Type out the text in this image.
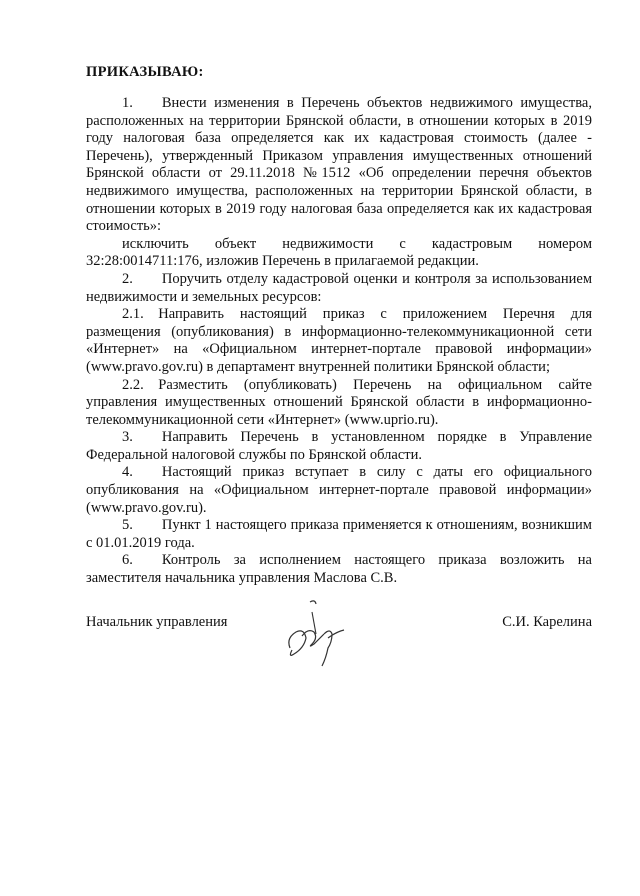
ПРИКАЗЫВАЮ:

1.  Внести изменения в Перечень объектов недвижимого имущества, расположенных на территории Брянской области, в отношении которых в 2019 году налоговая база определяется как их кадастровая стоимость (далее - Перечень), утвержденный Приказом управления имущественных отношений Брянской области от 29.11.2018 №1512 «Об определении перечня объектов недвижимого имущества, расположенных на территории Брянской области, в отношении которых в 2019 году налоговая база определяется как их кадастровая стоимость»:

исключить объект недвижимости с кадастровым номером 32:28:0014711:176, изложив Перечень в прилагаемой редакции.

2.  Поручить отделу кадастровой оценки и контроля за использованием недвижимости и земельных ресурсов:

2.1. Направить настоящий приказ с приложением Перечня для размещения (опубликования) в информационно-телекоммуникационной сети «Интернет» на «Официальном интернет-портале правовой информации» (www.pravo.gov.ru) в департамент внутренней политики Брянской области;

2.2. Разместить (опубликовать) Перечень на официальном сайте управления имущественных отношений Брянской области в информационно-телекоммуникационной сети «Интернет» (www.uprio.ru).

3.  Направить Перечень в установленном порядке в Управление Федеральной налоговой службы по Брянской области.

4.  Настоящий приказ вступает в силу с даты его официального опубликования на «Официальном интернет-портале правовой информации» (www.pravo.gov.ru).

5.  Пункт 1 настоящего приказа применяется к отношениям, возникшим с 01.01.2019 года.

6.  Контроль за исполнением настоящего приказа возложить на заместителя начальника управления Маслова С.В.

Начальник управления	С.И. Карелина
